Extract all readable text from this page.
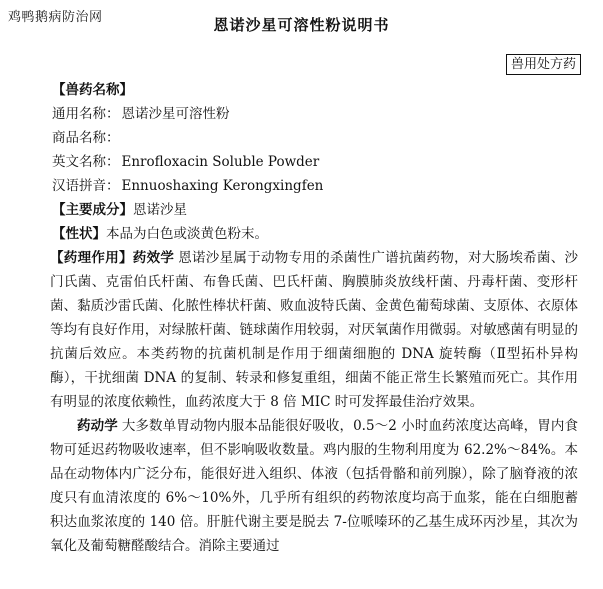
鸡鸭鹅病防治网	恩诺沙星可溶性粉说明书
兽用处方药
【兽药名称】
通用名称： 恩诺沙星可溶性粉
商品名称：
英文名称： Enrofloxacin Soluble Powder
汉语拼音： Ennuoshaxing Kerongxingfen
【主要成分】恩诺沙星
【性状】本品为白色或淡黄色粉末。

【药理作用】药效学 恩诺沙星属于动物专用的杀菌性广谱抗菌药物，对大肠埃希菌、沙门氏菌、克雷伯氏杆菌、布鲁氏菌、巴氏杆菌、胸膜肺炎放线杆菌、丹毒杆菌、变形杆菌、黏质沙雷氏菌、化脓性棒状杆菌、败血波特氏菌、金黄色葡萄球菌、支原体、衣原体等均有良好作用，对绿脓杆菌、链球菌作用较弱，对厌氧菌作用微弱。对敏感菌有明显的抗菌后效应。本类药物的抗菌机制是作用于细菌细胞的 DNA 旋转酶（Ⅱ型拓朴异构酶），干扰细菌 DNA 的复制、转录和修复重组，细菌不能正常生长繁殖而死亡。其作用有明显的浓度依赖性，血药浓度大于 8 倍 MIC 时可发挥最佳治疗效果。

药动学 大多数单胃动物内服本品能很好吸收，0.5～2 小时血药浓度达高峰，胃内食物可延迟药物吸收速率，但不影响吸收数量。鸡内服的生物利用度为 62.2%～84%。本品在动物体内广泛分布，能很好进入组织、体液（包括骨骼和前列腺），除了脑脊液的浓度只有血清浓度的 6%～10%外，几乎所有组织的药物浓度均高于血浆，能在白细胞蓄积达血浆浓度的 140 倍。肝脏代谢主要是脱去 7-位哌嗪环的乙基生成环丙沙星，其次为氧化及葡萄糖醛酸结合。消除主要通过
